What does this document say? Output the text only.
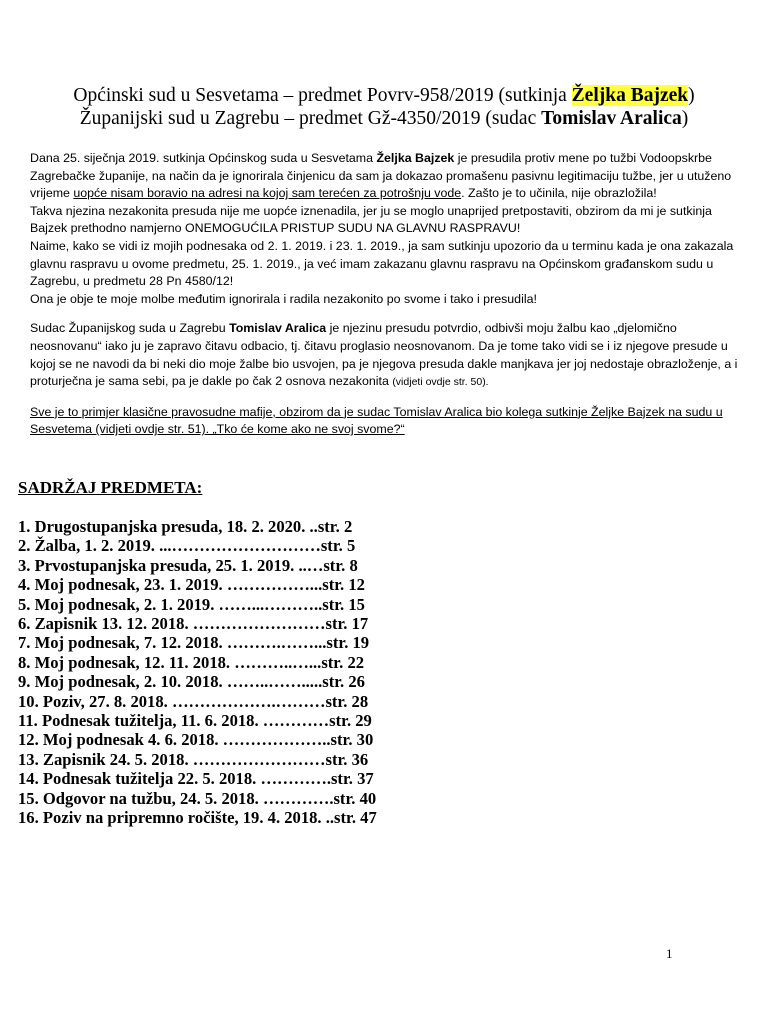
Općinski sud u Sesvetama – predmet Povrv-958/2019 (sutkinja Željka Bajzek)
Županijski sud u Zagrebu – predmet Gž-4350/2019 (sudac Tomislav Aralica)

Dana 25. siječnja 2019. sutkinja Općinskog suda u Sesvetama Željka Bajzek je presudila protiv mene po tužbi Vodoopskrbe Zagrebačke županije, na način da je ignorirala činjenicu da sam ja dokazao promašenu pasivnu legitimaciju tužbe, jer u utuženo vrijeme uopće nisam boravio na adresi na kojoj sam terećen za potrošnju vode. Zašto je to učinila, nije obrazložila!

Takva njezina nezakonita presuda nije me uopće iznenadila, jer ju se moglo unaprijed pretpostaviti, obzirom da mi je sutkinja Bajzek prethodno namjerno ONEMOGUĆILA PRISTUP SUDU NA GLAVNU RASPRAVU!

Naime, kako se vidi iz mojih podnesaka od 2. 1. 2019. i 23. 1. 2019., ja sam sutkinju upozorio da u terminu kada je ona zakazala glavnu raspravu u ovome predmetu, 25. 1. 2019., ja već imam zakazanu glavnu raspravu na Općinskom građanskom sudu u Zagrebu, u predmetu 28 Pn 4580/12!

Ona je obje te moje molbe međutim ignorirala i radila nezakonito po svome i tako i presudila!

Sudac Županijskog suda u Zagrebu Tomislav Aralica je njezinu presudu potvrdio, odbivši moju žalbu kao „djelomično neosnovanu“ iako ju je zapravo čitavu odbacio, tj. čitavu proglasio neosnovanom. Da je tome tako vidi se i iz njegove presude u kojoj se ne navodi da bi neki dio moje žalbe bio usvojen, pa je njegova presuda dakle manjkava jer joj nedostaje obrazloženje, a i proturječna je sama sebi, pa je dakle po čak 2 osnova nezakonita (vidjeti ovdje str. 50).

Sve je to primjer klasične pravosudne mafije, obzirom da je sudac Tomislav Aralica bio kolega sutkinje Željke Bajzek na sudu u Sesvetema (vidjeti ovdje str. 51). „Tko će kome ako ne svoj svome?“

SADRŽAJ PREDMETA:
1. Drugostupanjska presuda, 18. 2. 2020. ..str. 2
2. Žalba, 1. 2. 2019. ...………………………str. 5
3. Prvostupanjska presuda, 25. 1. 2019. ..…str. 8
4. Moj podnesak, 23. 1. 2019. ……………...str. 12
5. Moj podnesak, 2. 1. 2019. ……...………..str. 15
6. Zapisnik 13. 12. 2018. ……………………str. 17
7. Moj podnesak, 7. 12. 2018. ……….……...str. 19
8. Moj podnesak, 12. 11. 2018. ………..…...str. 22
9. Moj podnesak, 2. 10. 2018. ……..…….....str. 26
10. Poziv, 27. 8. 2018. ……………….………str. 28
11. Podnesak tužitelja, 11. 6. 2018. …………str. 29
12. Moj podnesak 4. 6. 2018. ………………..str. 30
13. Zapisnik 24. 5. 2018. ……………………str. 36
14. Podnesak tužitelja 22. 5. 2018. ………….str. 37
15. Odgovor na tužbu, 24. 5. 2018. ………….str. 40
16. Poziv na pripremno ročište, 19. 4. 2018. ..str. 47
1
